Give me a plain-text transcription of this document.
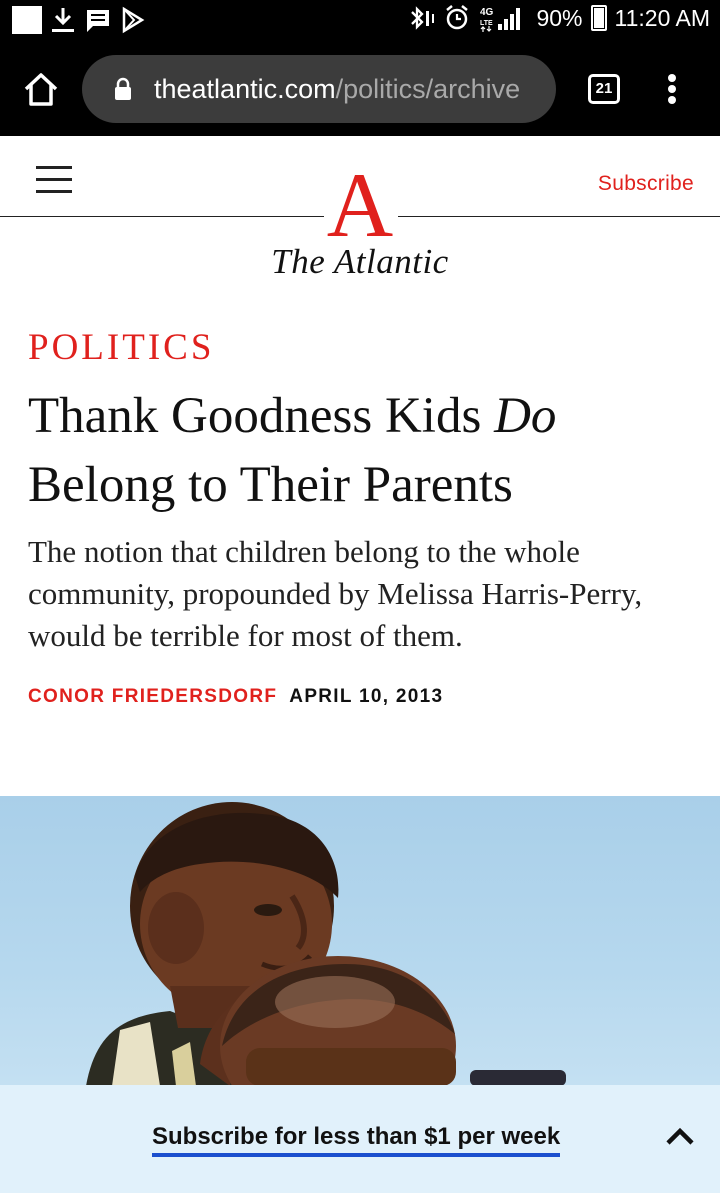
4G
LTE 90% 11:20 AM
theatlantic.com/politics/archive	21
A
The Atlantic
Subscribe
POLITICS
Thank Goodness Kids Do
Belong to Their Parents

The notion that children belong to the whole community, propounded by Melissa Harris-Perry, would be terrible for most of them.

CONOR FRIEDERSDORF APRIL 10, 2013
Subscribe for less than $1 per week
